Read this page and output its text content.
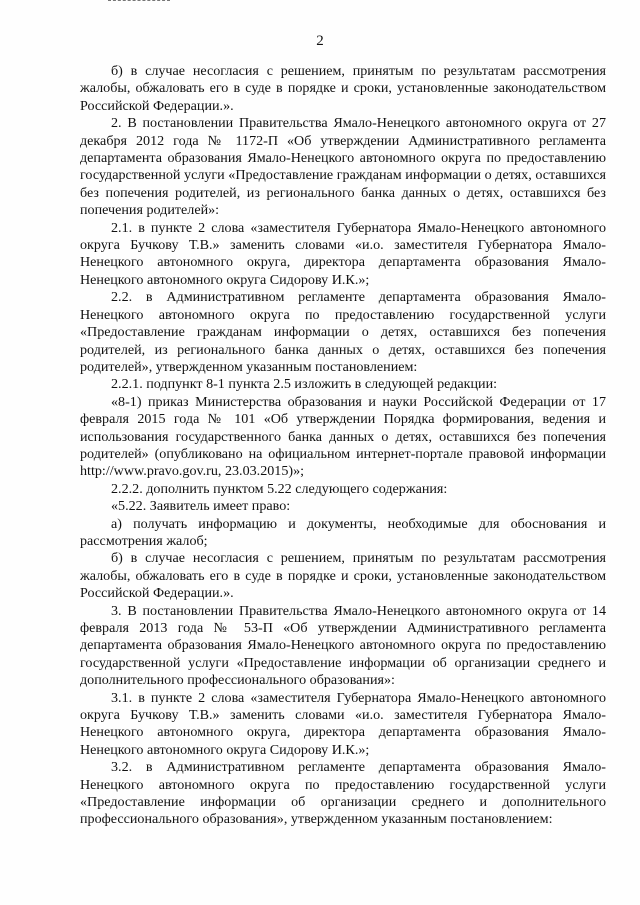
2

б) в случае несогласия с решением, принятым по результатам рассмотрения жалобы, обжаловать его в суде в порядке и сроки, установленные законодательством Российской Федерации.».

2. В постановлении Правительства Ямало-Ненецкого автономного округа от 27 декабря 2012 года № 1172-П «Об утверждении Административного регламента департамента образования Ямало-Ненецкого автономного округа по предоставлению государственной услуги «Предоставление гражданам информации о детях, оставшихся без попечения родителей, из регионального банка данных о детях, оставшихся без попечения родителей»:

2.1. в пункте 2 слова «заместителя Губернатора Ямало-Ненецкого автономного округа Бучкову Т.В.» заменить словами «и.о. заместителя Губернатора Ямало-Ненецкого автономного округа, директора департамента образования Ямало-Ненецкого автономного округа Сидорову И.К.»;

2.2. в Административном регламенте департамента образования Ямало-Ненецкого автономного округа по предоставлению государственной услуги «Предоставление гражданам информации о детях, оставшихся без попечения родителей, из регионального банка данных о детях, оставшихся без попечения родителей», утвержденном указанным постановлением:

2.2.1. подпункт 8-1 пункта 2.5 изложить в следующей редакции:

«8-1) приказ Министерства образования и науки Российской Федерации от 17 февраля 2015 года № 101 «Об утверждении Порядка формирования, ведения и использования государственного банка данных о детях, оставшихся без попечения родителей» (опубликовано на официальном интернет-портале правовой информации http://www.pravo.gov.ru, 23.03.2015)»;

2.2.2. дополнить пунктом 5.22 следующего содержания:

«5.22. Заявитель имеет право:

а) получать информацию и документы, необходимые для обоснования и рассмотрения жалоб;

б) в случае несогласия с решением, принятым по результатам рассмотрения жалобы, обжаловать его в суде в порядке и сроки, установленные законодательством Российской Федерации.».

3. В постановлении Правительства Ямало-Ненецкого автономного округа от 14 февраля 2013 года № 53-П «Об утверждении Административного регламента департамента образования Ямало-Ненецкого автономного округа по предоставлению государственной услуги «Предоставление информации об организации среднего и дополнительного профессионального образования»:

3.1. в пункте 2 слова «заместителя Губернатора Ямало-Ненецкого автономного округа Бучкову Т.В.» заменить словами «и.о. заместителя Губернатора Ямало-Ненецкого автономного округа, директора департамента образования Ямало-Ненецкого автономного округа Сидорову И.К.»;

3.2. в Административном регламенте департамента образования Ямало-Ненецкого автономного округа по предоставлению государственной услуги «Предоставление информации об организации среднего и дополнительного профессионального образования», утвержденном указанным постановлением:
